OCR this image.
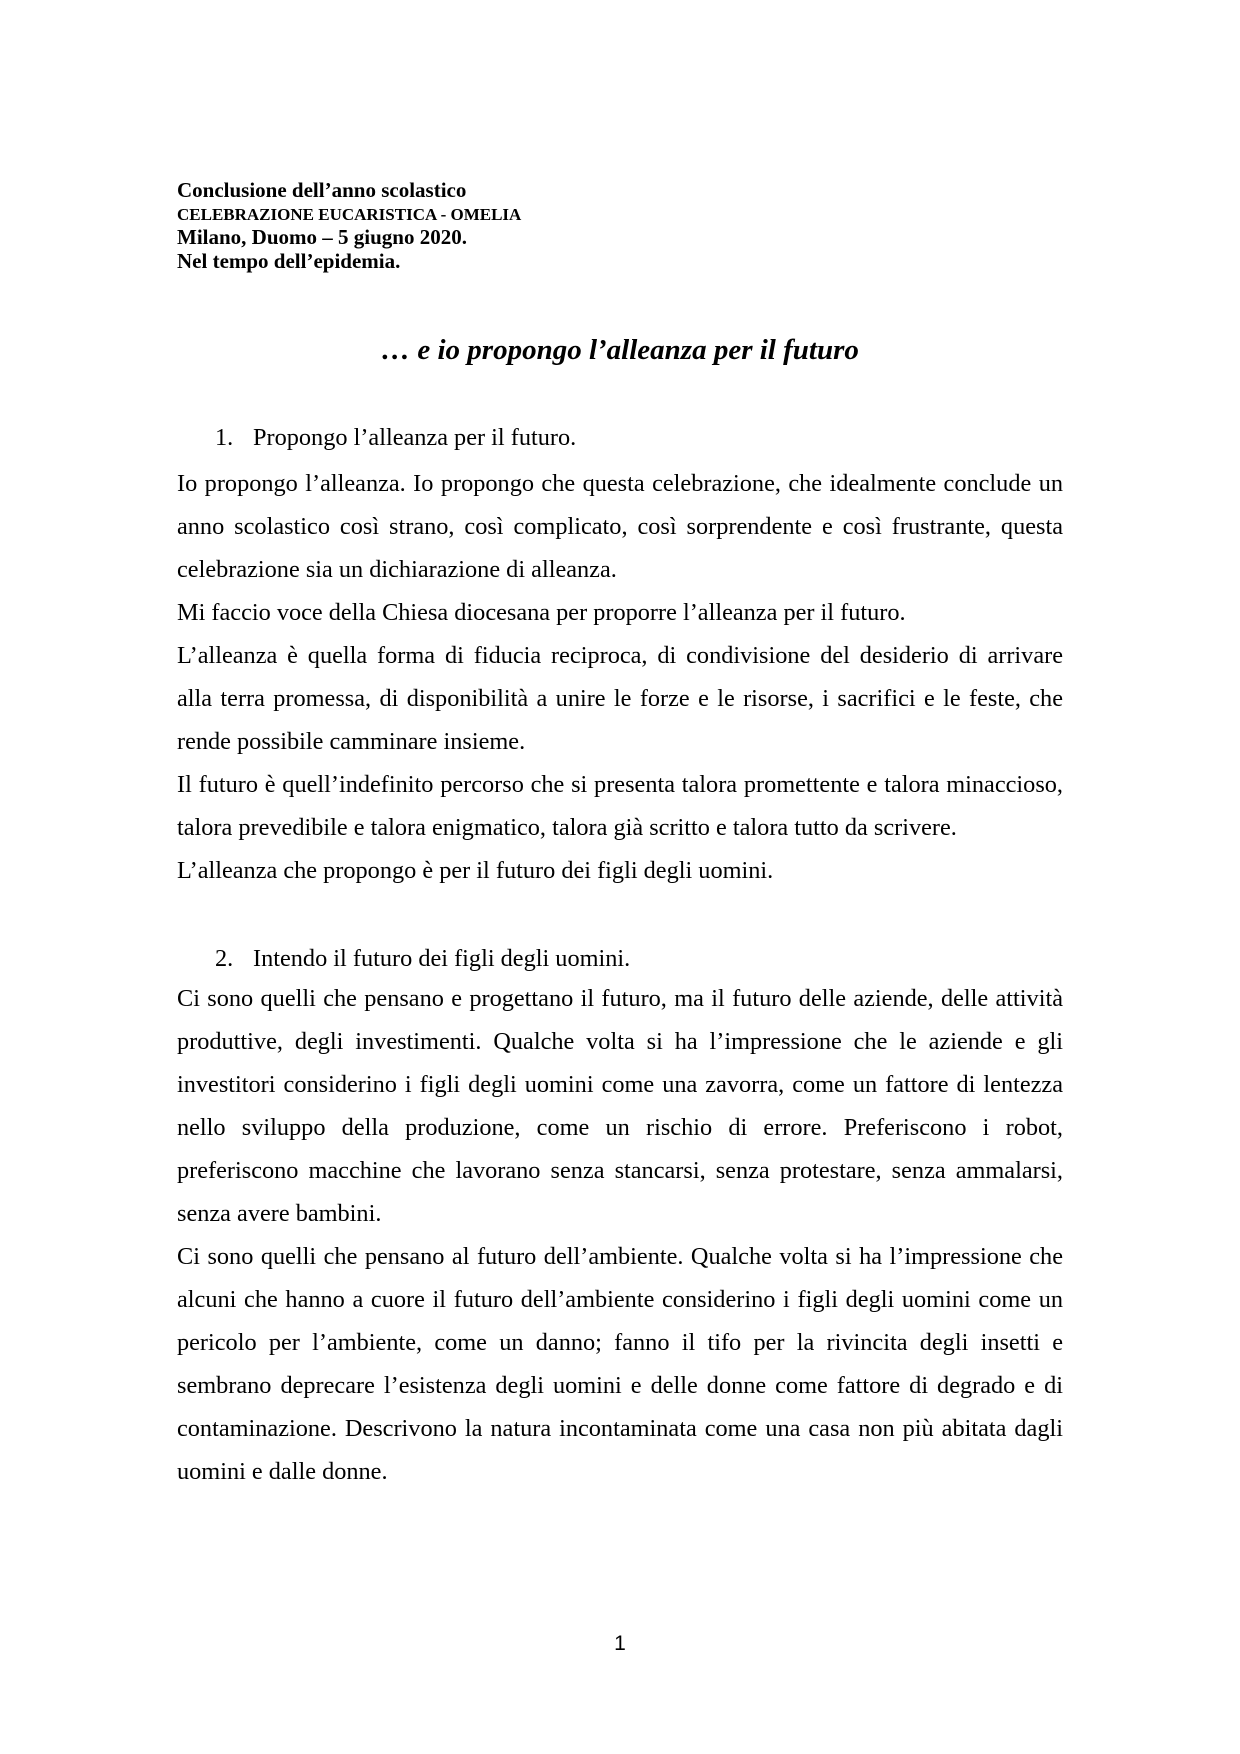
Conclusione dell’anno scolastico
CELEBRAZIONE EUCARISTICA - OMELIA
Milano, Duomo – 5 giugno 2020.
Nel tempo dell’epidemia.
… e io propongo l’alleanza per il futuro
1. Propongo l’alleanza per il futuro.
Io propongo l’alleanza. Io propongo che questa celebrazione, che idealmente conclude un
anno scolastico così strano, così complicato, così sorprendente e così frustrante, questa
celebrazione sia un dichiarazione di alleanza.
Mi faccio voce della Chiesa diocesana per proporre l’alleanza per il futuro.
L’alleanza è quella forma di fiducia reciproca, di condivisione del desiderio di arrivare
alla terra promessa, di disponibilità a unire le forze e le risorse, i sacrifici e le feste, che
rende possibile camminare insieme.
Il futuro è quell’indefinito percorso che si presenta talora promettente e talora minaccioso,
talora prevedibile e talora enigmatico, talora già scritto e talora tutto da scrivere.
L’alleanza che propongo è per il futuro dei figli degli uomini.
2. Intendo il futuro dei figli degli uomini.
Ci sono quelli che pensano e progettano il futuro, ma il futuro delle aziende, delle attività
produttive, degli investimenti. Qualche volta si ha l’impressione che le aziende e gli
investitori considerino i figli degli uomini come una zavorra, come un fattore di lentezza
nello sviluppo della produzione, come un rischio di errore. Preferiscono i robot,
preferiscono macchine che lavorano senza stancarsi, senza protestare, senza ammalarsi,
senza avere bambini.
Ci sono quelli che pensano al futuro dell’ambiente. Qualche volta si ha l’impressione che
alcuni che hanno a cuore il futuro dell’ambiente considerino i figli degli uomini come un
pericolo per l’ambiente, come un danno; fanno il tifo per la rivincita degli insetti e
sembrano deprecare l’esistenza degli uomini e delle donne come fattore di degrado e di
contaminazione. Descrivono la natura incontaminata come una casa non più abitata dagli
uomini e dalle donne.
1
